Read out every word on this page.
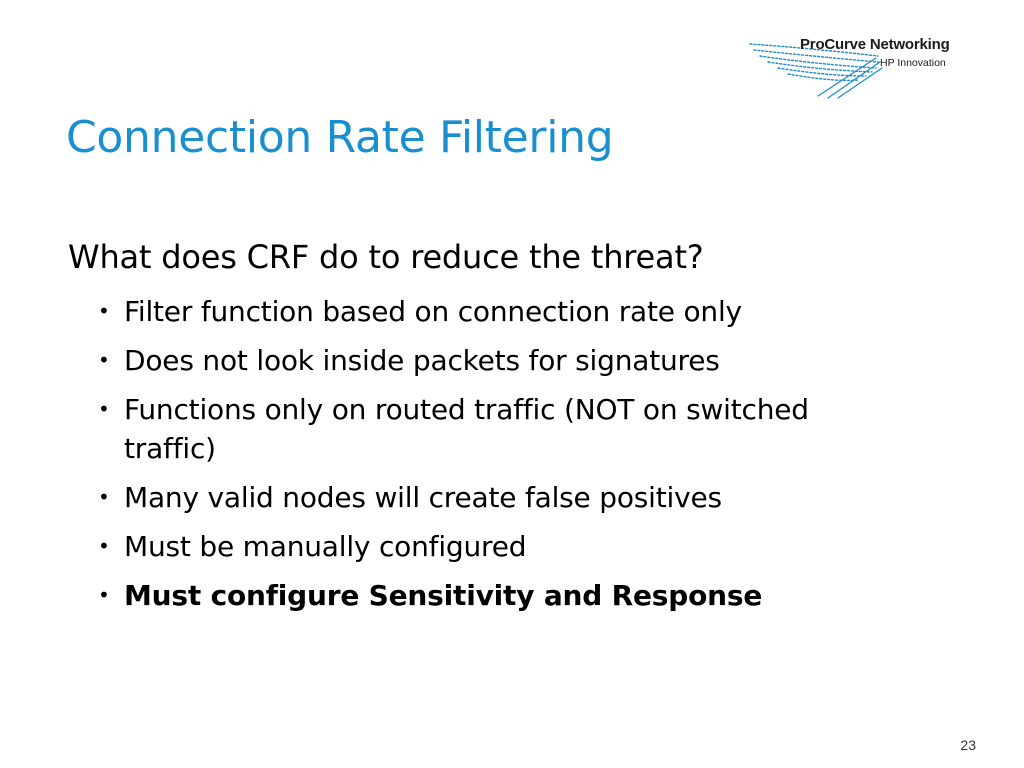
ProCurve Networking
HP Innovation
Connection Rate Filtering
What does CRF do to reduce the threat?
• Filter function based on connection rate only
• Does not look inside packets for signatures
• Functions only on routed traffic (NOT on switched traffic)
• Many valid nodes will create false positives
• Must be manually configured
• Must configure Sensitivity and Response
23
